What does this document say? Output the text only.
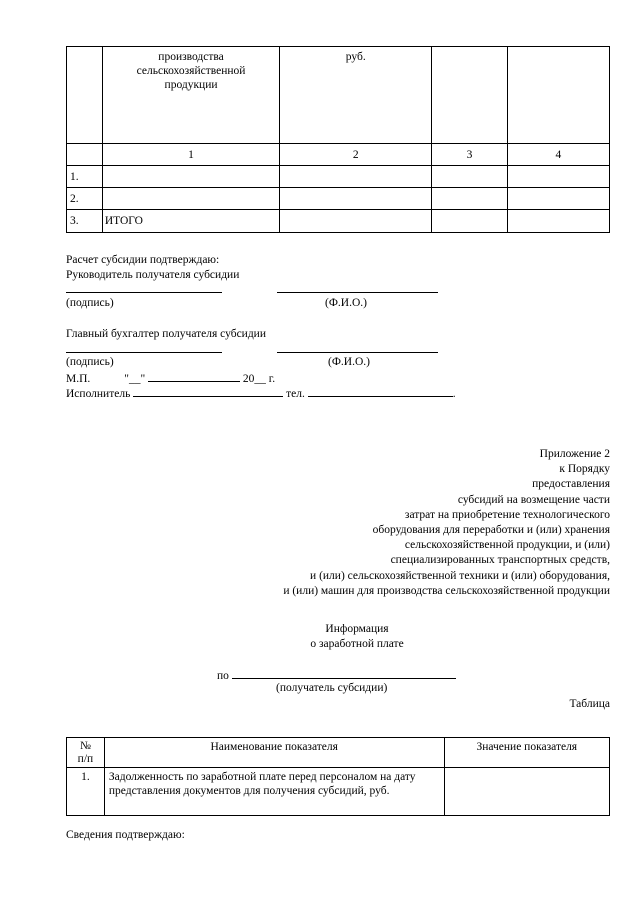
	производства
сельскохозяйственной
продукции	руб.		
	1	2	3	4
1.				
2.				
3.	ИТОГО			
Расчет субсидии подтверждаю:
Руководитель получателя субсидии
(подпись)	(Ф.И.О.)
Главный бухгалтер получателя субсидии
(подпись)	(Ф.И.О.)
М.П.	"__"	20__ г.
Исполнитель	тел.	.
Приложение 2
к Порядку
предоставления
субсидий на возмещение части
затрат на приобретение технологического
оборудования для переработки и (или) хранения
сельскохозяйственной продукции, и (или)
специализированных транспортных средств,
и (или) сельскохозяйственной техники и (или) оборудования,
и (или) машин для производства сельскохозяйственной продукции
Информация
о заработной плате
по
(получатель субсидии)
Таблица
№
п/п	Наименование показателя	Значение показателя
1.	Задолженность по заработной плате перед персоналом на дату представления документов для получения субсидий, руб.	
Сведения подтверждаю:
